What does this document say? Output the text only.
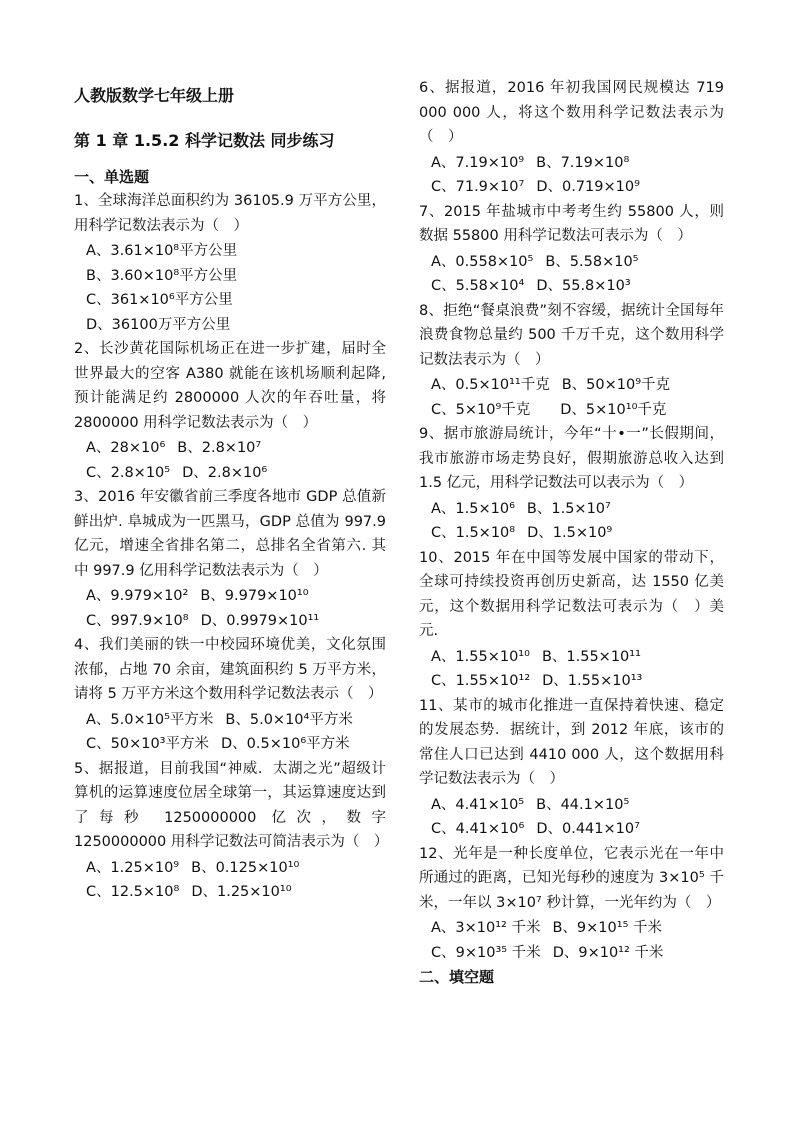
人教版数学七年级上册

第 1 章 1.5.2 科学记数法 同步练习

一、单选题

1、全球海洋总面积约为 36105.9 万平方公里，用科学记数法表示为（　）

A、3.61×10⁸平方公里

B、3.60×10⁸平方公里

C、361×10⁶平方公里

D、36100万平方公里

2、长沙黄花国际机场正在进一步扩建，届时全世界最大的空客 A380 就能在该机场顺利起降,预计能满足约 2800000 人次的年吞吐量，将 2800000 用科学记数法表示为（　）

A、28×10⁶ B、2.8×10⁷

C、2.8×10⁵ D、2.8×10⁶

3、2016 年安徽省前三季度各地市 GDP 总值新鲜出炉. 阜城成为一匹黑马，GDP 总值为 997.9 亿元，增速全省排名第二，总排名全省第六. 其中 997.9 亿用科学记数法表示为（　）

A、9.979×10² B、9.979×10¹⁰

C、997.9×10⁸ D、0.9979×10¹¹

4、我们美丽的铁一中校园环境优美，文化氛围浓郁，占地 70 余亩，建筑面积约 5 万平方米，请将 5 万平方米这个数用科学记数法表示（　）

A、5.0×10⁵平方米 B、5.0×10⁴平方米

C、50×10³平方米 D、0.5×10⁶平方米

5、据报道，目前我国“神威．太湖之光”超级计算机的运算速度位居全球第一，其运算速度达到了每秒 1250000000 亿次，数字 1250000000 用科学记数法可简洁表示为（　）

A、1.25×10⁹ B、0.125×10¹⁰

C、12.5×10⁸ D、1.25×10¹⁰

6、据报道，2016 年初我国网民规模达 719 000 000 人，将这个数用科学记数法表示为（　）

A、7.19×10⁹ B、7.19×10⁸

C、71.9×10⁷ D、0.719×10⁹

7、2015 年盐城市中考考生约 55800 人，则数据 55800 用科学记数法可表示为（　）

A、0.558×10⁵ B、5.58×10⁵

C、5.58×10⁴ D、55.8×10³

8、拒绝“餐桌浪费”刻不容缓，据统计全国每年浪费食物总量约 500 千万千克，这个数用科学记数法表示为（　）

A、0.5×10¹¹千克 B、50×10⁹千克

C、5×10⁹千克 D、5×10¹⁰千克

9、据市旅游局统计，今年“十•一”长假期间，我市旅游市场走势良好，假期旅游总收入达到 1.5 亿元，用科学记数法可以表示为（　）

A、1.5×10⁶ B、1.5×10⁷

C、1.5×10⁸ D、1.5×10⁹

10、2015 年在中国等发展中国家的带动下，全球可持续投资再创历史新高，达 1550 亿美元，这个数据用科学记数法可表示为（　）美元.

A、1.55×10¹⁰ B、1.55×10¹¹

C、1.55×10¹² D、1.55×10¹³

11、某市的城市化推进一直保持着快速、稳定的发展态势．据统计，到 2012 年底，该市的常住人口已达到 4410 000 人，这个数据用科学记数法表示为（　）

A、4.41×10⁵ B、44.1×10⁵

C、4.41×10⁶ D、0.441×10⁷

12、光年是一种长度单位，它表示光在一年中所通过的距离，已知光每秒的速度为 3×10⁵ 千米，一年以 3×10⁷ 秒计算，一光年约为（　）

A、3×10¹² 千米 B、9×10¹⁵ 千米

C、9×10³⁵ 千米 D、9×10¹² 千米

二、填空题
